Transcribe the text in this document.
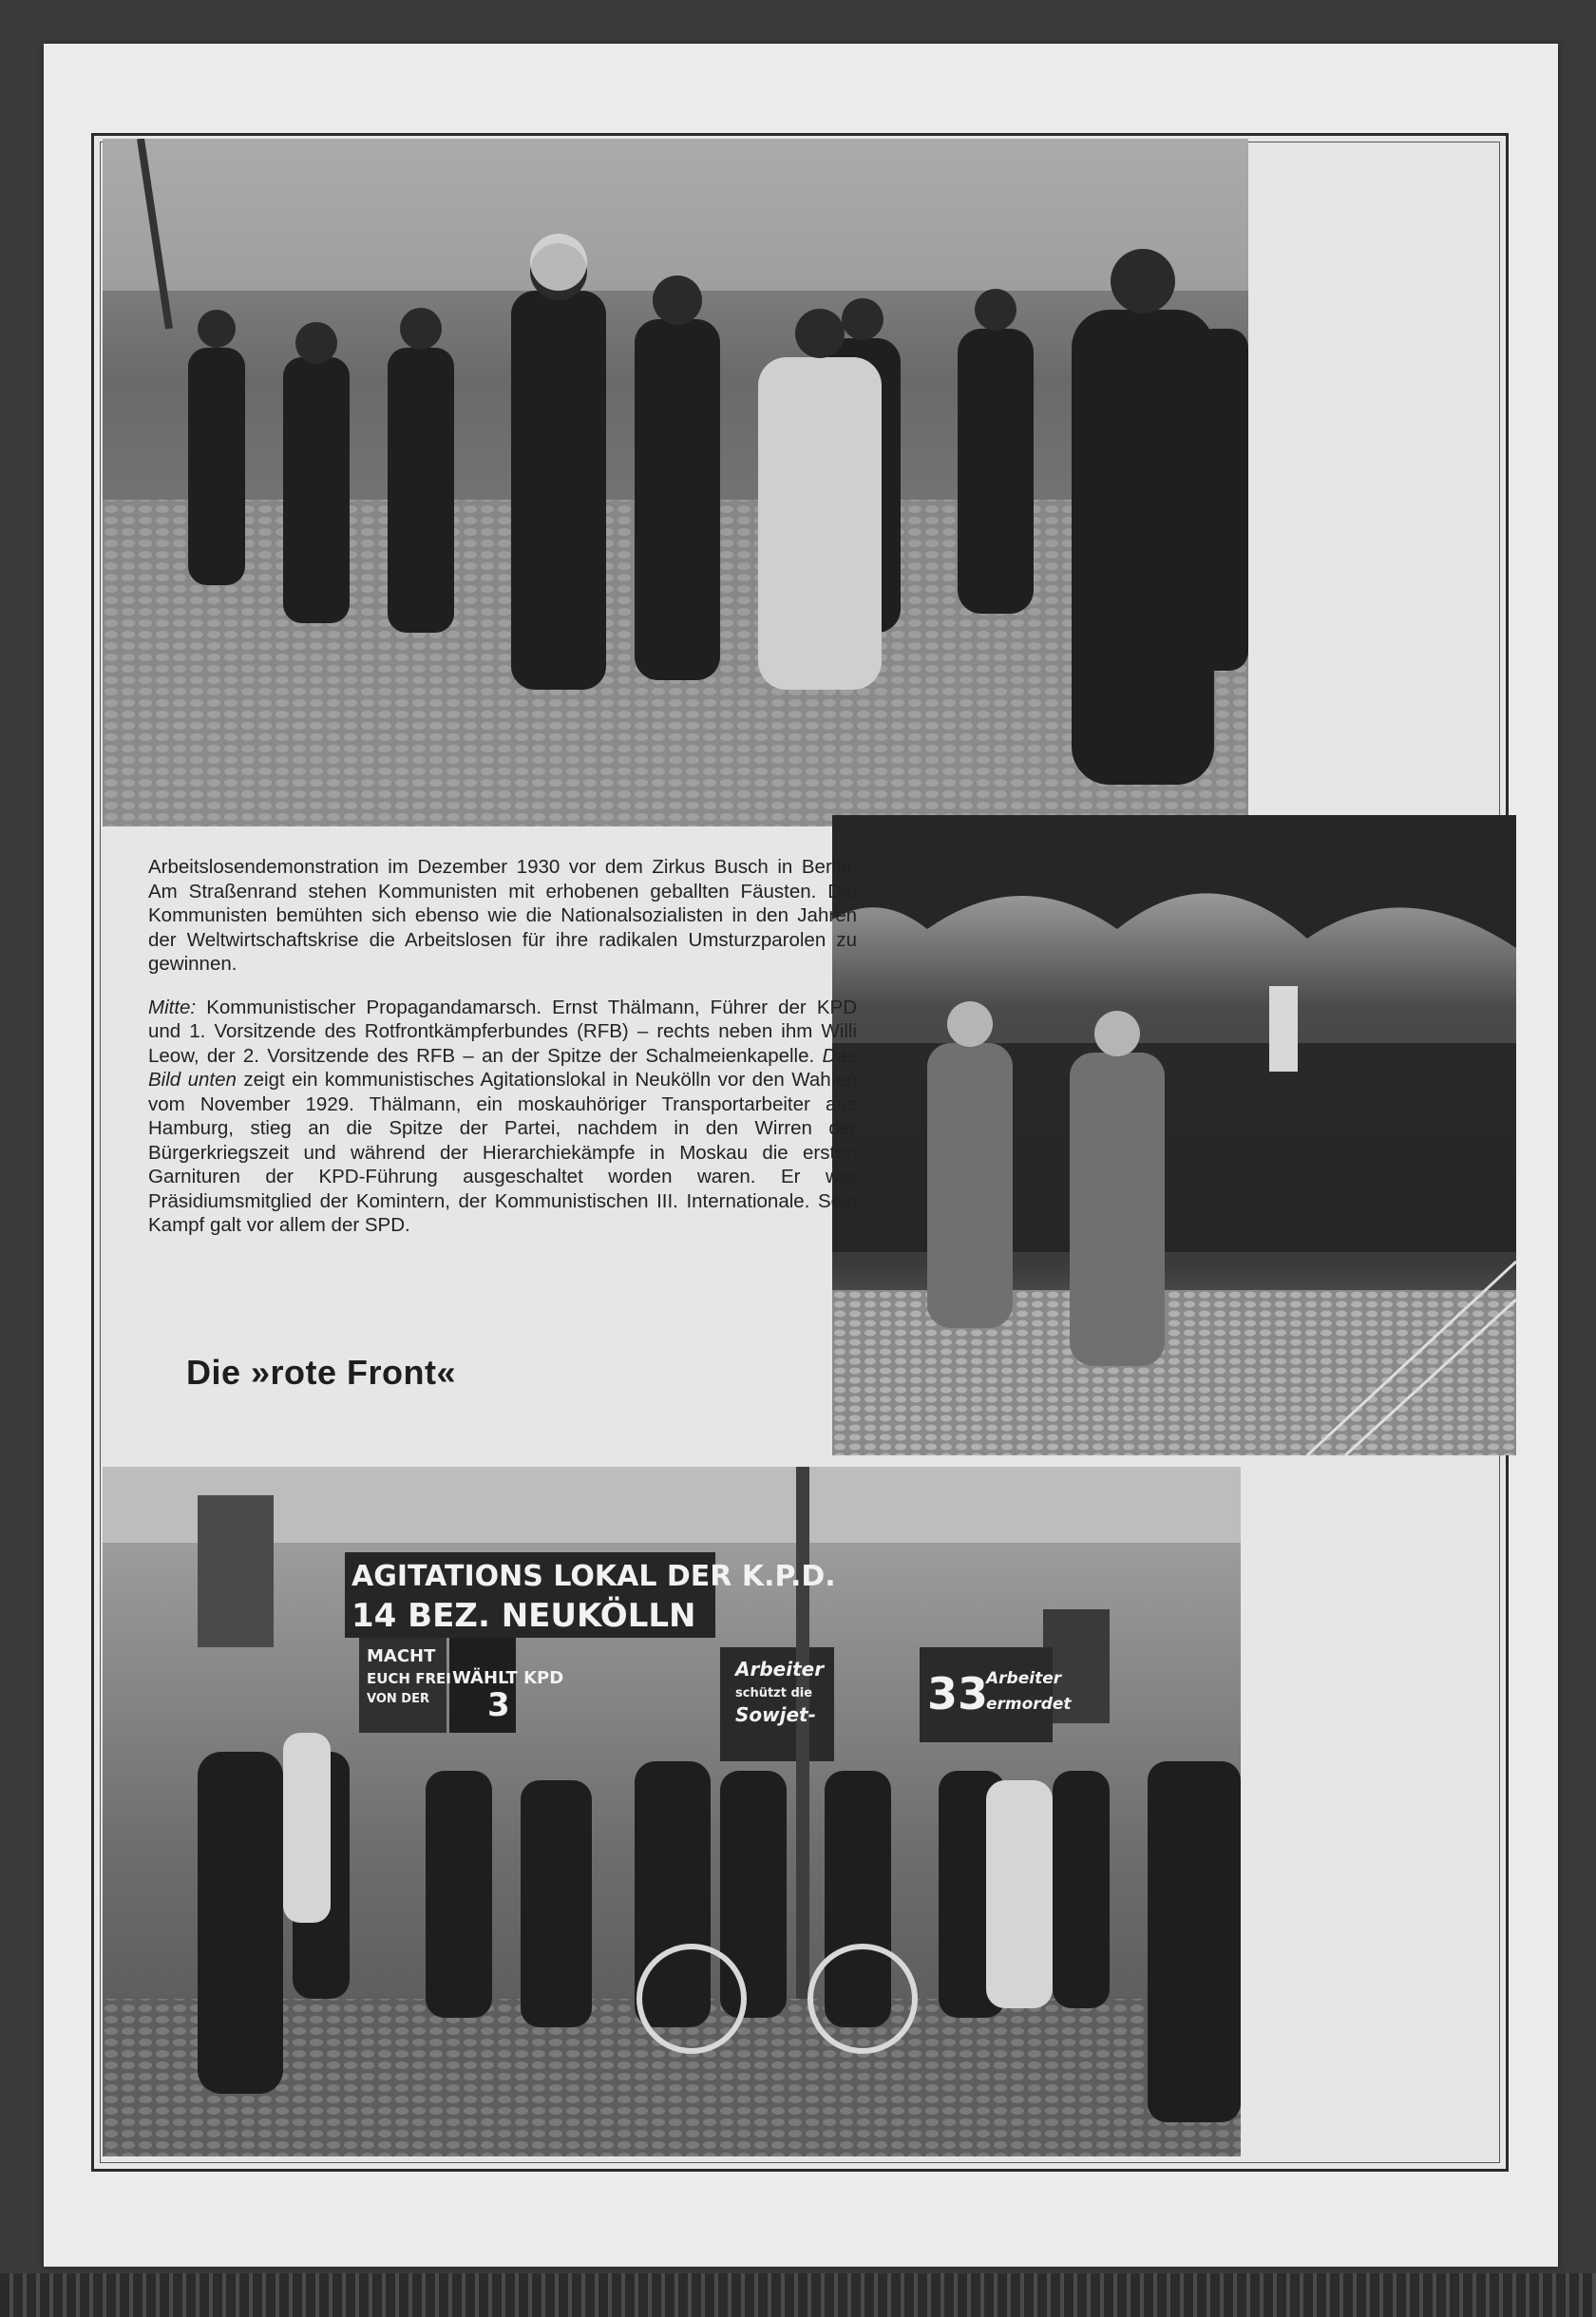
AGITATIONS LOKAL DER K.P.D.
14 BEZ. NEUKÖLLN
MACHT
EUCH FREI
VON DER
WÄHLT KPD
3
Arbeiter
schützt die
Sowjet-	33
Arbeiter
ermordet

Arbeitslosendemonstration im Dezember 1930 vor dem Zirkus Busch in Berlin. Am Straßenrand stehen Kommunisten mit erhobenen geballten Fäusten. Die Kommunisten bemühten sich ebenso wie die Nationalsozialisten in den Jahren der Weltwirtschaftskrise die Arbeitslosen für ihre radikalen Umsturzparolen zu gewinnen.

Mitte: Kommunistischer Propagandamarsch. Ernst Thälmann, Führer der KPD und 1. Vorsitzende des Rotfrontkämpferbundes (RFB) – rechts neben ihm Willi Leow, der 2. Vorsitzende des RFB – an der Spitze der Schalmeienkapelle. Das Bild unten zeigt ein kommunistisches Agitationslokal in Neukölln vor den Wahlen vom November 1929. Thälmann, ein moskauhöriger Transportarbeiter aus Hamburg, stieg an die Spitze der Partei, nachdem in den Wirren der Bürgerkriegszeit und während der Hierarchiekämpfe in Moskau die ersten Garnituren der KPD-Führung ausgeschaltet worden waren. Er war Präsidiumsmitglied der Komintern, der Kommunistischen III. Internationale. Sein Kampf galt vor allem der SPD.

Die »rote Front«
